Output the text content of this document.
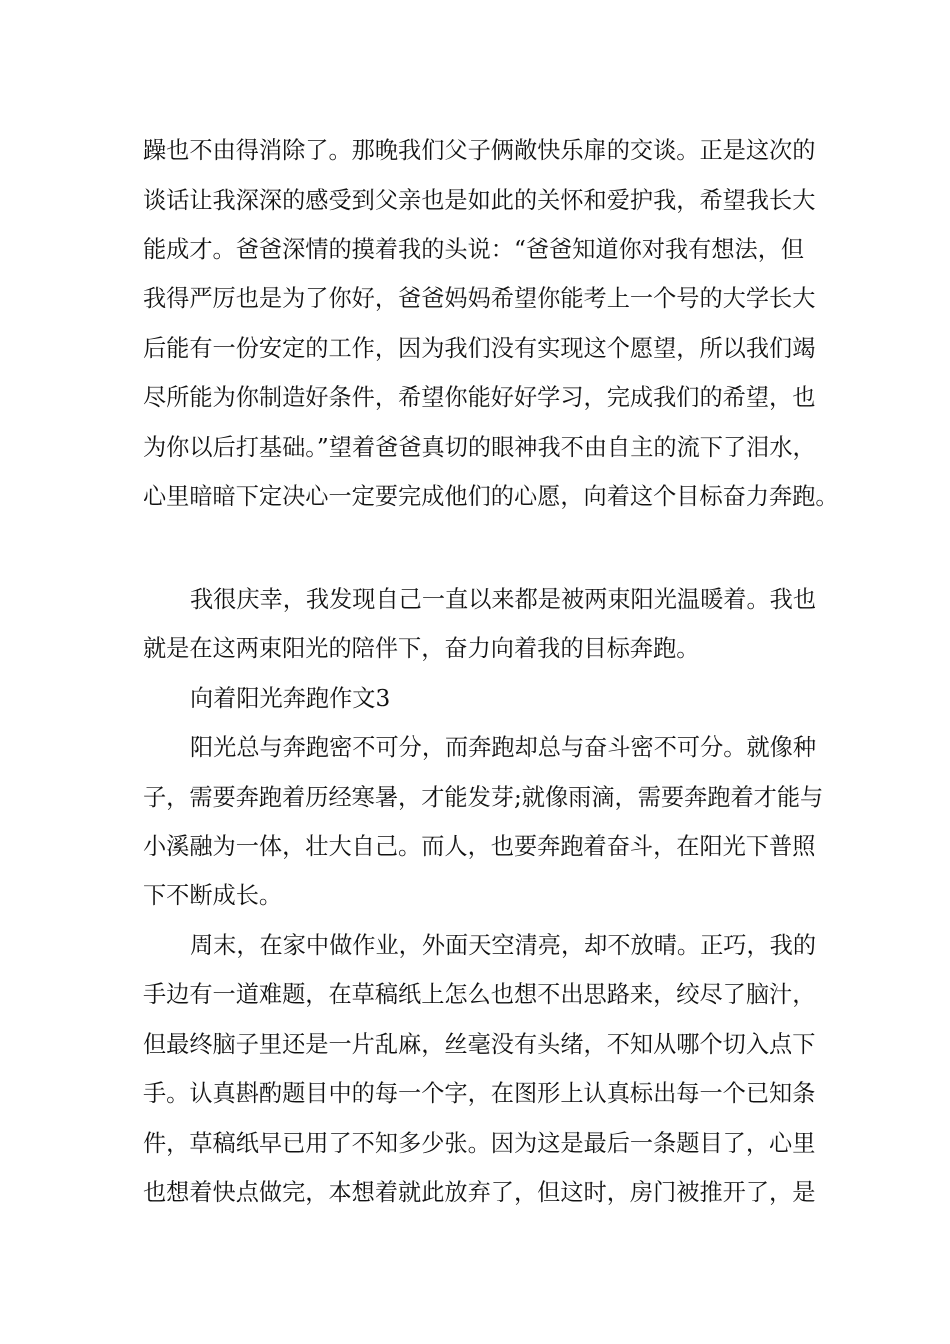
躁也不由得消除了。那晚我们父子俩敞快乐扉的交谈。正是这次的
谈话让我深深的感受到父亲也是如此的关怀和爱护我，希望我长大
能成才。爸爸深情的摸着我的头说：“爸爸知道你对我有想法，但
我得严厉也是为了你好，爸爸妈妈希望你能考上一个号的大学长大
后能有一份安定的工作，因为我们没有实现这个愿望，所以我们竭
尽所能为你制造好条件，希望你能好好学习，完成我们的希望，也
为你以后打基础。”望着爸爸真切的眼神我不由自主的流下了泪水，
心里暗暗下定决心一定要完成他们的心愿，向着这个目标奋力奔跑。
我很庆幸，我发现自己一直以来都是被两束阳光温暖着。我也
就是在这两束阳光的陪伴下，奋力向着我的目标奔跑。
向着阳光奔跑作文3
阳光总与奔跑密不可分，而奔跑却总与奋斗密不可分。就像种
子，需要奔跑着历经寒暑，才能发芽;就像雨滴，需要奔跑着才能与
小溪融为一体，壮大自己。而人，也要奔跑着奋斗，在阳光下普照
下不断成长。
周末，在家中做作业，外面天空清亮，却不放晴。正巧，我的
手边有一道难题，在草稿纸上怎么也想不出思路来，绞尽了脑汁，
但最终脑子里还是一片乱麻，丝毫没有头绪，不知从哪个切入点下
手。认真斟酌题目中的每一个字，在图形上认真标出每一个已知条
件，草稿纸早已用了不知多少张。因为这是最后一条题目了，心里
也想着快点做完，本想着就此放弃了，但这时，房门被推开了，是
